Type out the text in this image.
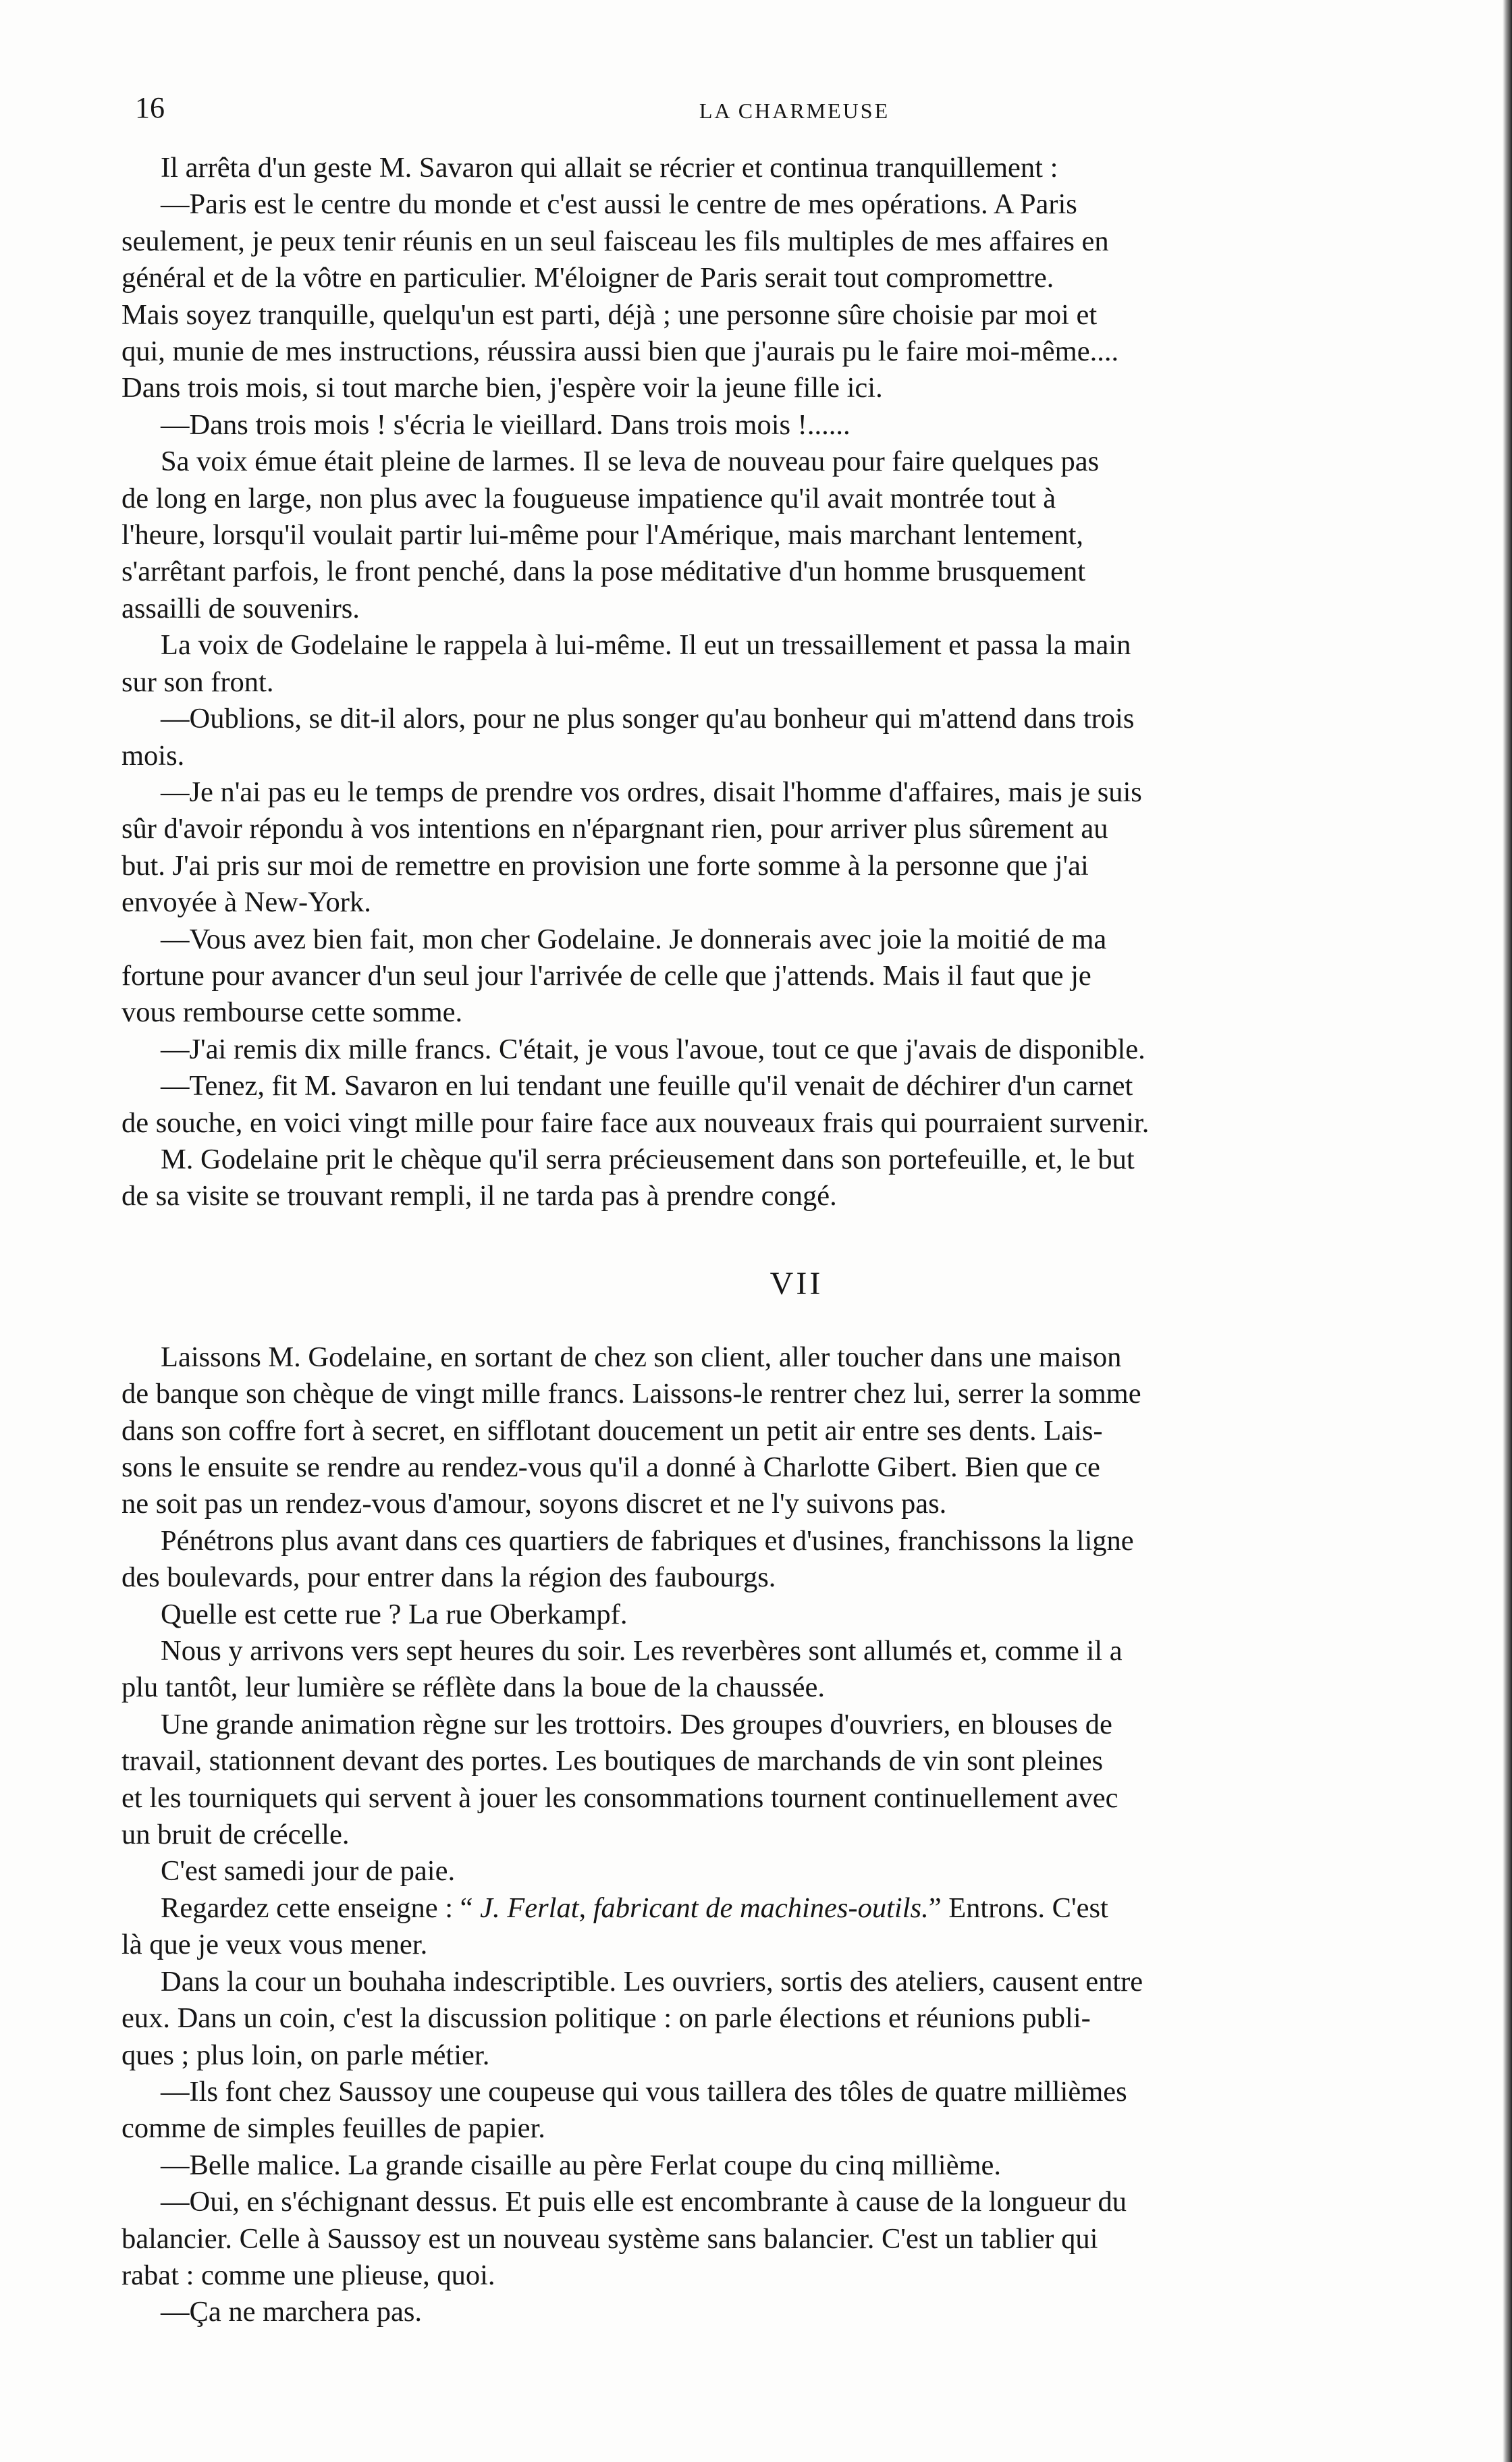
16	LA CHARMEUSE
Il arrêta d'un geste M. Savaron qui allait se récrier et continua tranquillement :
—Paris est le centre du monde et c'est aussi le centre de mes opérations. A Paris
seulement, je peux tenir réunis en un seul faisceau les fils multiples de mes affaires en
général et de la vôtre en particulier. M'éloigner de Paris serait tout compromettre.
Mais soyez tranquille, quelqu'un est parti, déjà ; une personne sûre choisie par moi et
qui, munie de mes instructions, réussira aussi bien que j'aurais pu le faire moi-même....
Dans trois mois, si tout marche bien, j'espère voir la jeune fille ici.
—Dans trois mois ! s'écria le vieillard. Dans trois mois !......
Sa voix émue était pleine de larmes. Il se leva de nouveau pour faire quelques pas
de long en large, non plus avec la fougueuse impatience qu'il avait montrée tout à
l'heure, lorsqu'il voulait partir lui-même pour l'Amérique, mais marchant lentement,
s'arrêtant parfois, le front penché, dans la pose méditative d'un homme brusquement
assailli de souvenirs.
La voix de Godelaine le rappela à lui-même. Il eut un tressaillement et passa la main
sur son front.
—Oublions, se dit-il alors, pour ne plus songer qu'au bonheur qui m'attend dans trois
mois.
—Je n'ai pas eu le temps de prendre vos ordres, disait l'homme d'affaires, mais je suis
sûr d'avoir répondu à vos intentions en n'épargnant rien, pour arriver plus sûrement au
but. J'ai pris sur moi de remettre en provision une forte somme à la personne que j'ai
envoyée à New-York.
—Vous avez bien fait, mon cher Godelaine. Je donnerais avec joie la moitié de ma
fortune pour avancer d'un seul jour l'arrivée de celle que j'attends. Mais il faut que je
vous rembourse cette somme.
—J'ai remis dix mille francs. C'était, je vous l'avoue, tout ce que j'avais de disponible.
—Tenez, fit M. Savaron en lui tendant une feuille qu'il venait de déchirer d'un carnet
de souche, en voici vingt mille pour faire face aux nouveaux frais qui pourraient survenir.
M. Godelaine prit le chèque qu'il serra précieusement dans son portefeuille, et, le but
de sa visite se trouvant rempli, il ne tarda pas à prendre congé.
VII
Laissons M. Godelaine, en sortant de chez son client, aller toucher dans une maison
de banque son chèque de vingt mille francs. Laissons-le rentrer chez lui, serrer la somme
dans son coffre fort à secret, en sifflotant doucement un petit air entre ses dents. Lais-
sons le ensuite se rendre au rendez-vous qu'il a donné à Charlotte Gibert. Bien que ce
ne soit pas un rendez-vous d'amour, soyons discret et ne l'y suivons pas.
Pénétrons plus avant dans ces quartiers de fabriques et d'usines, franchissons la ligne
des boulevards, pour entrer dans la région des faubourgs.
Quelle est cette rue ? La rue Oberkampf.
Nous y arrivons vers sept heures du soir. Les reverbères sont allumés et, comme il a
plu tantôt, leur lumière se réflète dans la boue de la chaussée.
Une grande animation règne sur les trottoirs. Des groupes d'ouvriers, en blouses de
travail, stationnent devant des portes. Les boutiques de marchands de vin sont pleines
et les tourniquets qui servent à jouer les consommations tournent continuellement avec
un bruit de crécelle.
C'est samedi jour de paie.
Regardez cette enseigne : “ J. Ferlat, fabricant de machines-outils.” Entrons. C'est
là que je veux vous mener.
Dans la cour un bouhaha indescriptible. Les ouvriers, sortis des ateliers, causent entre
eux. Dans un coin, c'est la discussion politique : on parle élections et réunions publi-
ques ; plus loin, on parle métier.
—Ils font chez Saussoy une coupeuse qui vous taillera des tôles de quatre millièmes
comme de simples feuilles de papier.
—Belle malice. La grande cisaille au père Ferlat coupe du cinq millième.
—Oui, en s'échignant dessus. Et puis elle est encombrante à cause de la longueur du
balancier. Celle à Saussoy est un nouveau système sans balancier. C'est un tablier qui
rabat : comme une plieuse, quoi.
—Ça ne marchera pas.
